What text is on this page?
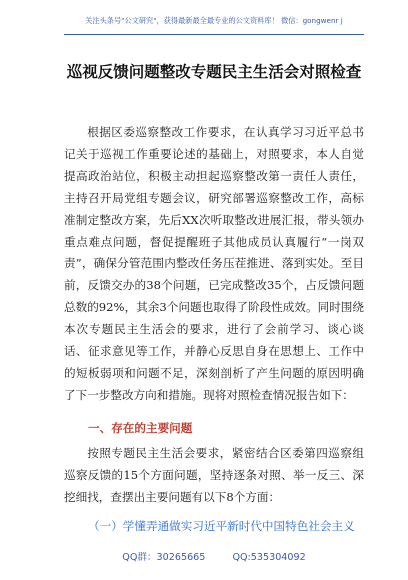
关注头条号"公文研究"，获得最新最全最专业的公文资料库！ 微信：gongwenr j
巡视反馈问题整改专题民主生活会对照检查
根据区委巡察整改工作要求，在认真学习习近平总书记关于巡视工作重要论述的基础上，对照要求，本人自觉提高政治站位，积极主动担起巡察整改第一责任人责任，主持召开局党组专题会议，研究部署巡察整改工作，高标准制定整改方案，先后XX次听取整改进展汇报，带头领办重点难点问题，督促提醒班子其他成员认真履行“一岗双责”，确保分管范围内整改任务压茬推进、落到实处。至目前，反馈交办的38个问题，已完成整改35个，占反馈问题总数的92%，其余3个问题也取得了阶段性成效。同时围绕本次专题民主生活会的要求，进行了会前学习、谈心谈话、征求意见等工作，并静心反思自身在思想上、工作中的短板弱项和问题不足，深刻剖析了产生问题的原因明确了下一步整改方向和措施。现将对照检查情况报告如下：
一、存在的主要问题
按照专题民主生活会要求，紧密结合区委第四巡察组巡察反馈的15个方面问题，坚持逐条对照、举一反三、深挖细找，查摆出主要问题有以下8个方面：
（一）学懂弄通做实习近平新时代中国特色社会主义
QQ群：30265665	QQ:535304092
